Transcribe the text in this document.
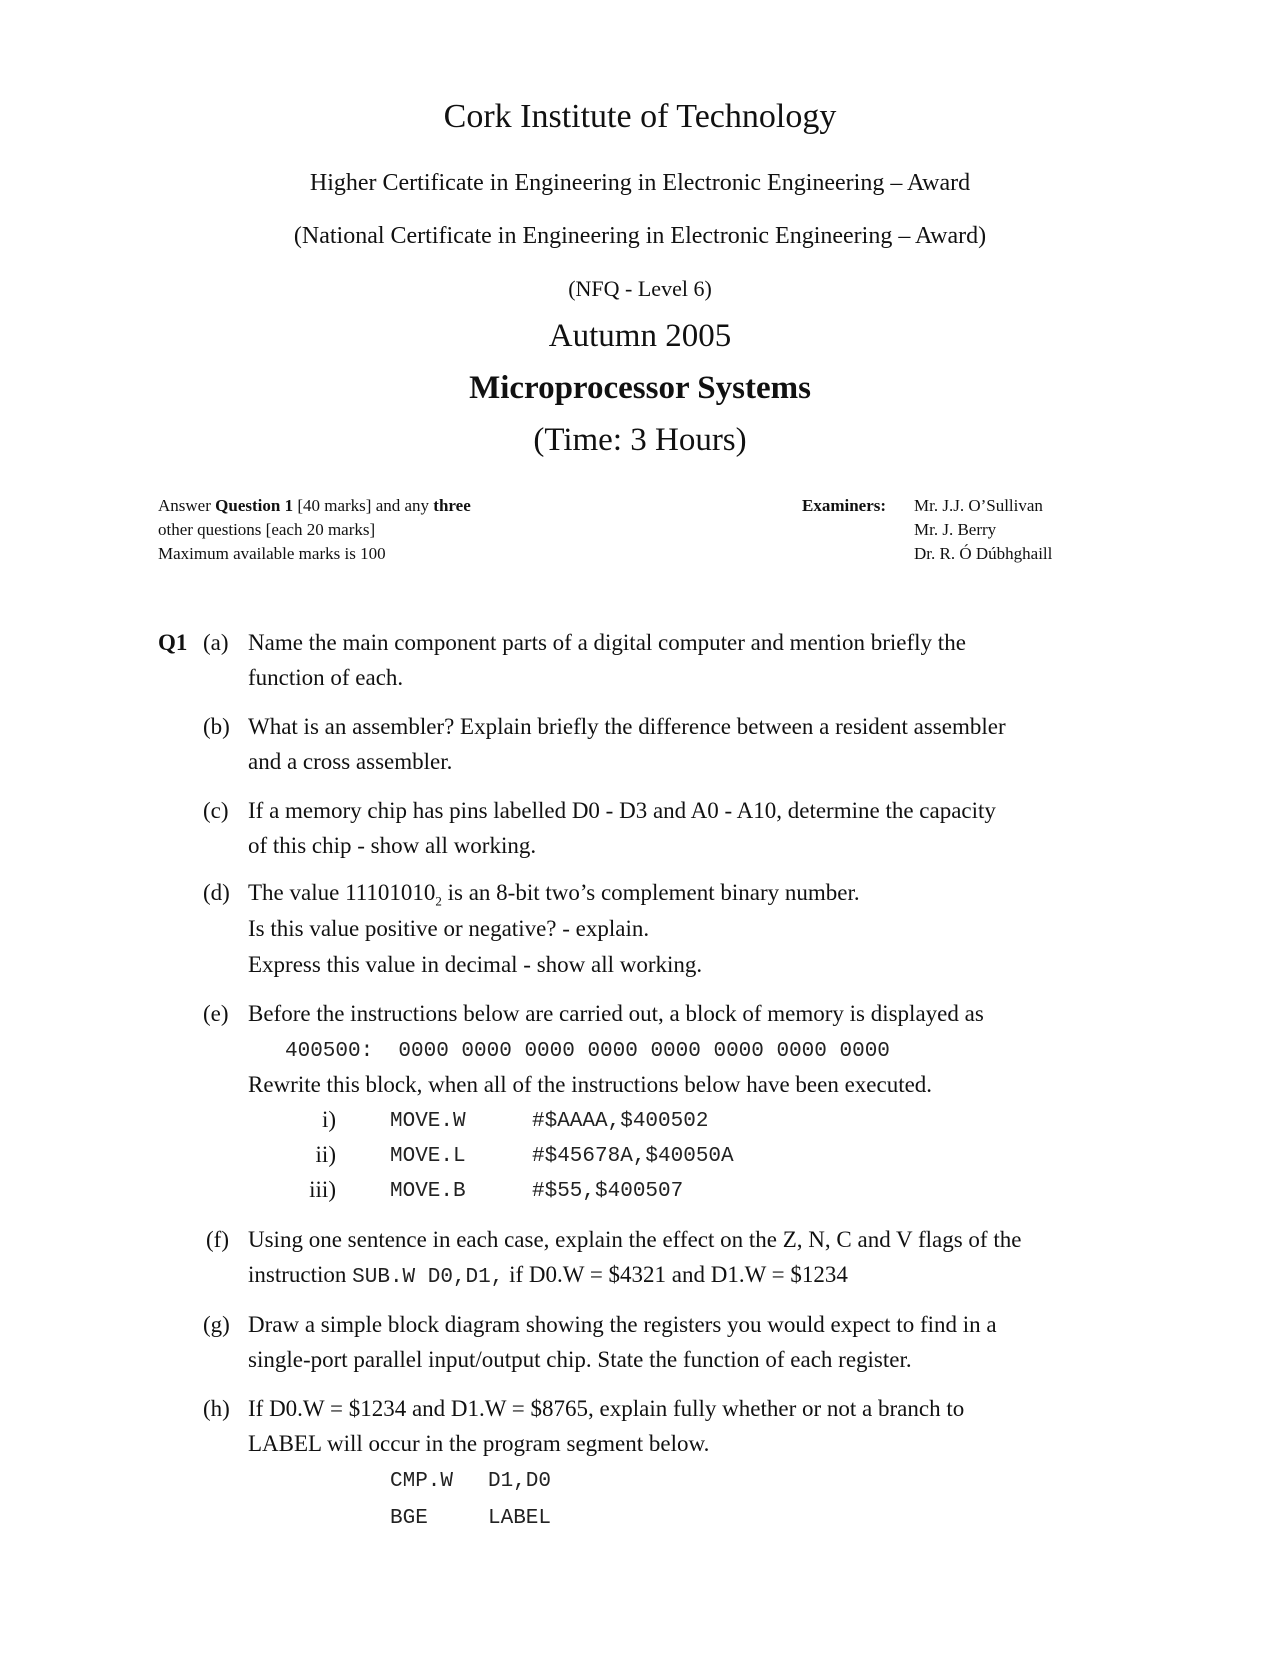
Cork Institute of Technology
Higher Certificate in Engineering in Electronic Engineering – Award
(National Certificate in Engineering in Electronic Engineering – Award)
(NFQ - Level 6)
Autumn 2005
Microprocessor Systems
(Time: 3 Hours)
Answer Question 1 [40 marks] and any three
other questions [each 20 marks]
Maximum available marks is 100
Examiners: Mr. J.J. O’Sullivan
Mr. J. Berry
Dr. R. Ó Dúbhghaill
Q1 (a) Name the main component parts of a digital computer and mention briefly the
function of each.
(b) What is an assembler? Explain briefly the difference between a resident assembler
and a cross assembler.
(c) If a memory chip has pins labelled D0 - D3 and A0 - A10, determine the capacity
of this chip - show all working.
(d) The value $11101010_2$ is an 8-bit two’s complement binary number.
Is this value positive or negative? - explain.
Express this value in decimal - show all working.
(e) Before the instructions below are carried out, a block of memory is displayed as
400500:  0000 0000 0000 0000 0000 0000 0000 0000
Rewrite this block, when all of the instructions below have been executed.
i)	MOVE.W	#$AAAA,$400502
ii)	MOVE.L	#$45678A,$40050A
iii)	MOVE.B	#$55,$400507
(f) Using one sentence in each case, explain the effect on the Z, N, C and V flags of the
instruction SUB.W D0,D1, if D0.W = $4321 and D1.W = $1234
(g) Draw a simple block diagram showing the registers you would expect to find in a
single-port parallel input/output chip. State the function of each register.
(h) If D0.W = $1234 and D1.W = $8765, explain fully whether or not a branch to
LABEL will occur in the program segment below.
CMP.W D1,D0
BGE	LABEL
